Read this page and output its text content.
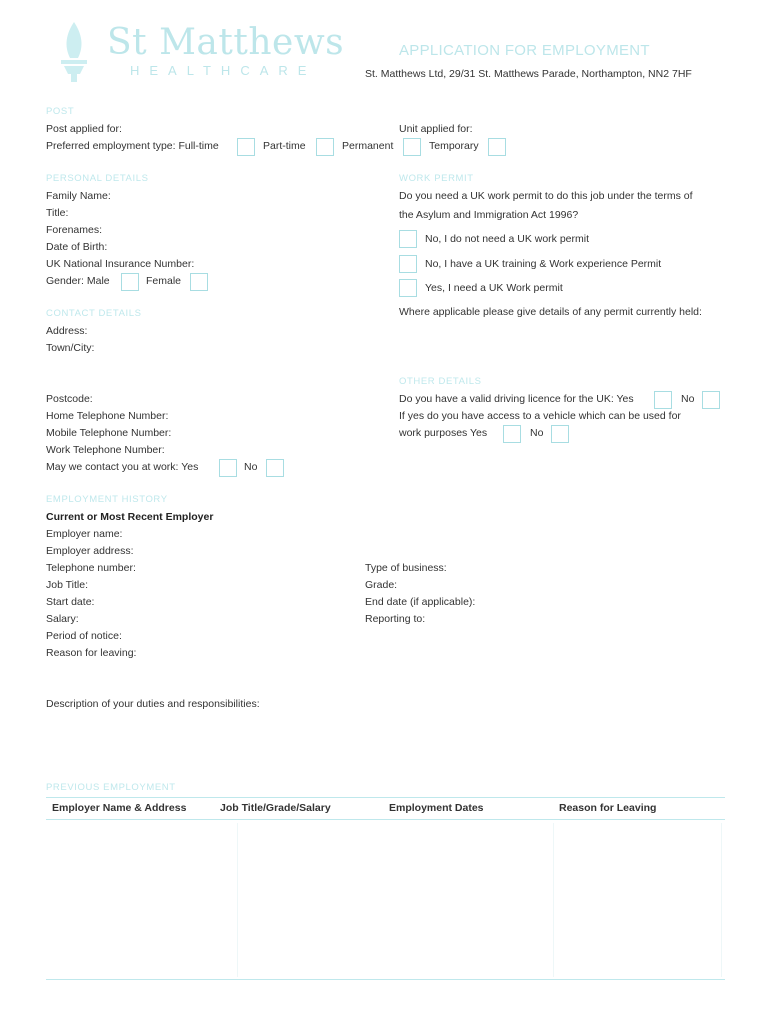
St Matthews
HEALTHCARE
APPLICATION FOR EMPLOYMENT
St. Matthews Ltd, 29/31 St. Matthews Parade, Northampton, NN2 7HF
POST
Post applied for:	Unit applied for:
Preferred employment type: Full-time	Part-time	Permanent	Temporary
PERSONAL DETAILS
Family Name:
Title:
Forenames:
Date of Birth:
UK National Insurance Number:
Gender: Male	Female
WORK PERMIT
Do you need a UK work permit to do this job under the terms of
the Asylum and Immigration Act 1996?
No, I do not need a UK work permit
No, I have a UK training & Work experience Permit
Yes, I need a UK Work permit
Where applicable please give details of any permit currently held:
CONTACT DETAILS
Address:
Town/City:
Postcode:
Home Telephone Number:
Mobile Telephone Number:
Work Telephone Number:
May we contact you at work: Yes	No
OTHER DETAILS
Do you have a valid driving licence for the UK: Yes	No
If yes do you have access to a vehicle which can be used for
work purposes Yes	No
EMPLOYMENT HISTORY
Current or Most Recent Employer
Employer name:
Employer address:
Telephone number:	Type of business:
Job Title:	Grade:
Start date:	End date (if applicable):
Salary:	Reporting to:
Period of notice:
Reason for leaving:
Description of your duties and responsibilities:
PREVIOUS EMPLOYMENT
Employer Name & Address	Job Title/Grade/Salary	Employment Dates	Reason for Leaving
